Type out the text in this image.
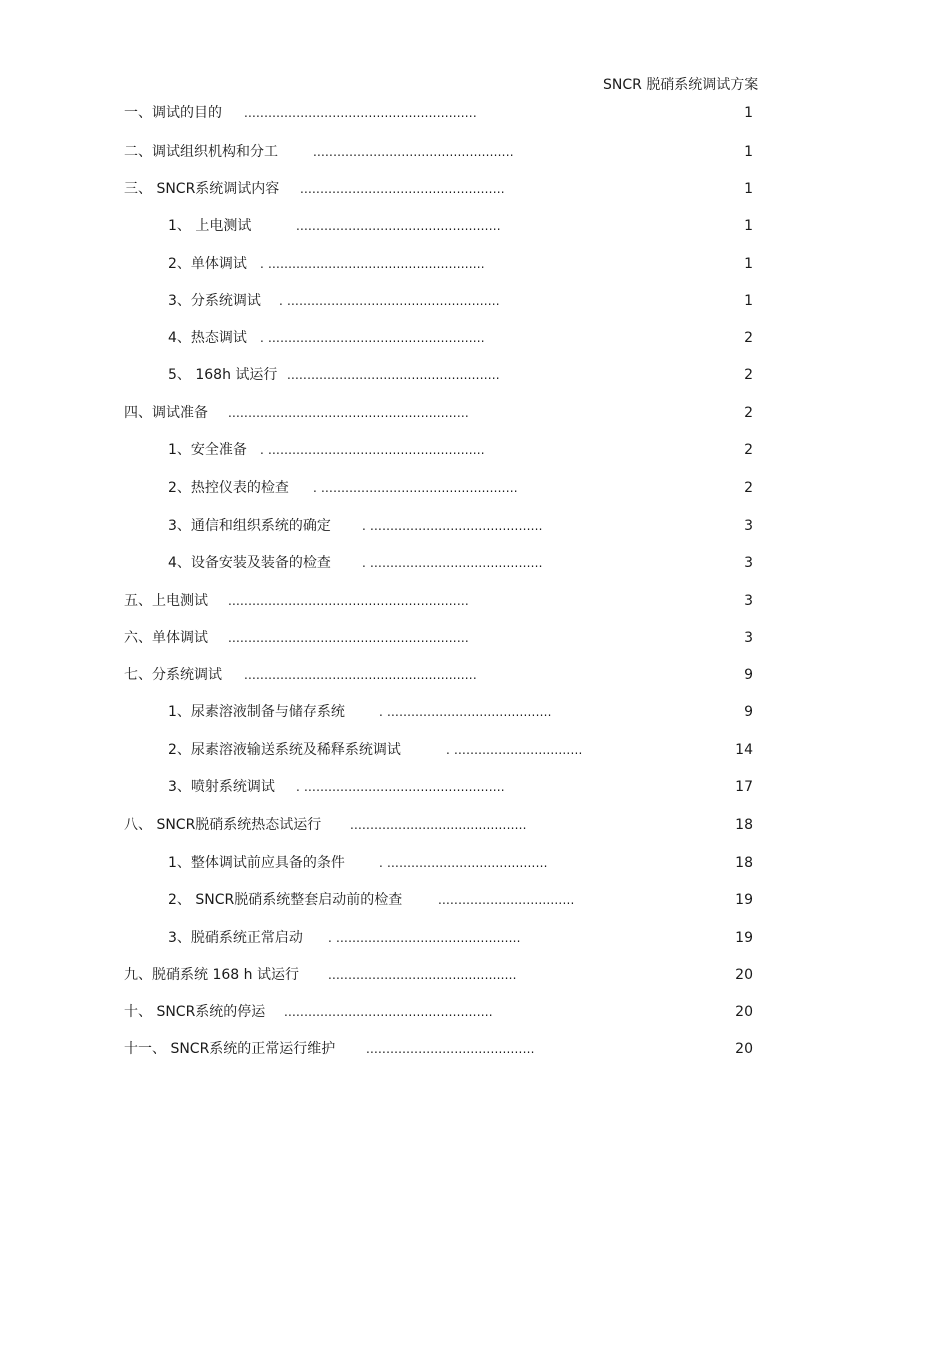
SNCR 脱硝系统调试方案
一、调试的目的 ..........................................................	1
二、调试组织机构和分工	..................................................	1
三、 SNCR系统调试内容 ...................................................	1
1、 上电测试	...................................................	1
2、单体调试 . ......................................................	1
3、分系统调试 . .....................................................	1
4、热态调试 . ......................................................	2
5、 168h 试运行 .....................................................	2
四、调试准备 ............................................................	2
1、安全准备 . ......................................................	2
2、热控仪表的检查 . .................................................	2
3、通信和组织系统的确定	. ...........................................	3
4、设备安装及装备的检查	. ...........................................	3
五、上电测试 ............................................................	3
六、单体调试 ............................................................	3
七、分系统调试 ..........................................................	9
1、尿素溶液制备与储存系统	. .........................................	9
2、尿素溶液输送系统及稀释系统调试	. ................................	14
3、喷射系统调试 . ..................................................	17
八、 SNCR脱硝系统热态试运行 ............................................	18
1、整体调试前应具备的条件	. ........................................	18
2、 SNCR脱硝系统整套启动前的检查	..................................	19
3、脱硝系统正常启动 . ..............................................	19
九、脱硝系统 168 h 试运行 ...............................................	20
十、 SNCR系统的停运 ....................................................	20
十一、 SNCR系统的正常运行维护	..........................................	20
